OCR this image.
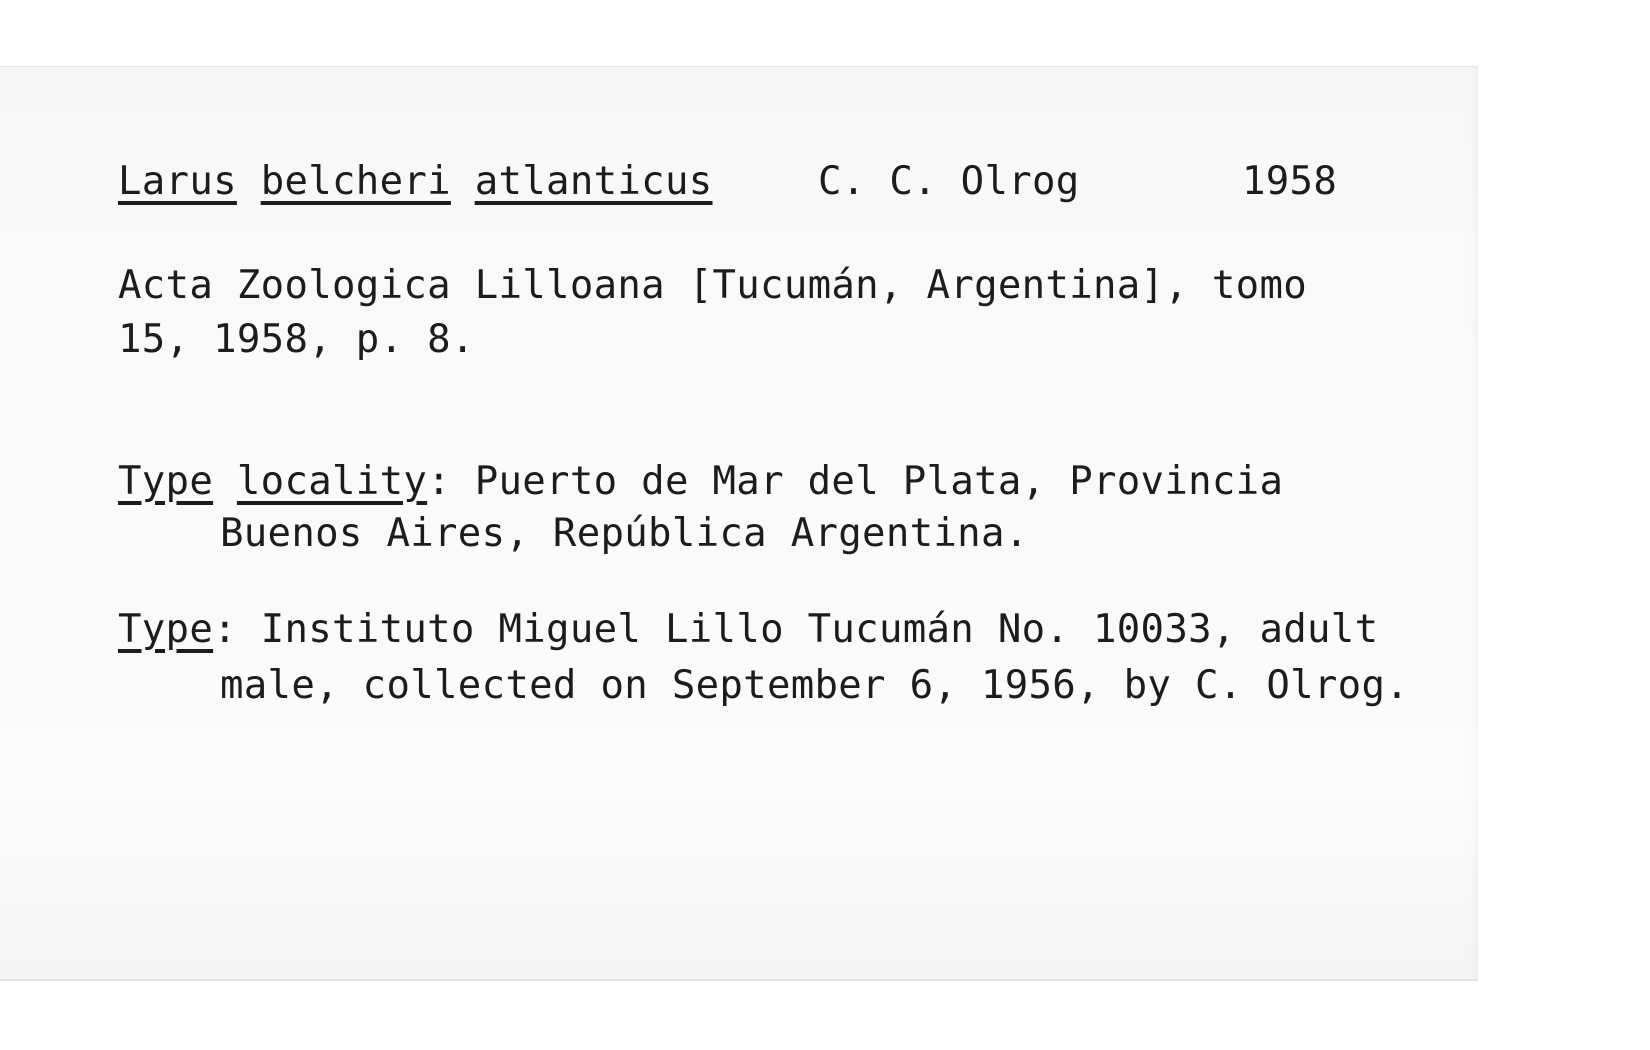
Larus belcheri atlanticus	C. C. Olrog	1958
Acta Zoologica Lilloana [Tucumán, Argentina], tomo
15, 1958, p. 8.
Type locality: Puerto de Mar del Plata, Provincia
Buenos Aires, República Argentina.
Type: Instituto Miguel Lillo Tucumán No. 10033, adult
male, collected on September 6, 1956, by C. Olrog.
